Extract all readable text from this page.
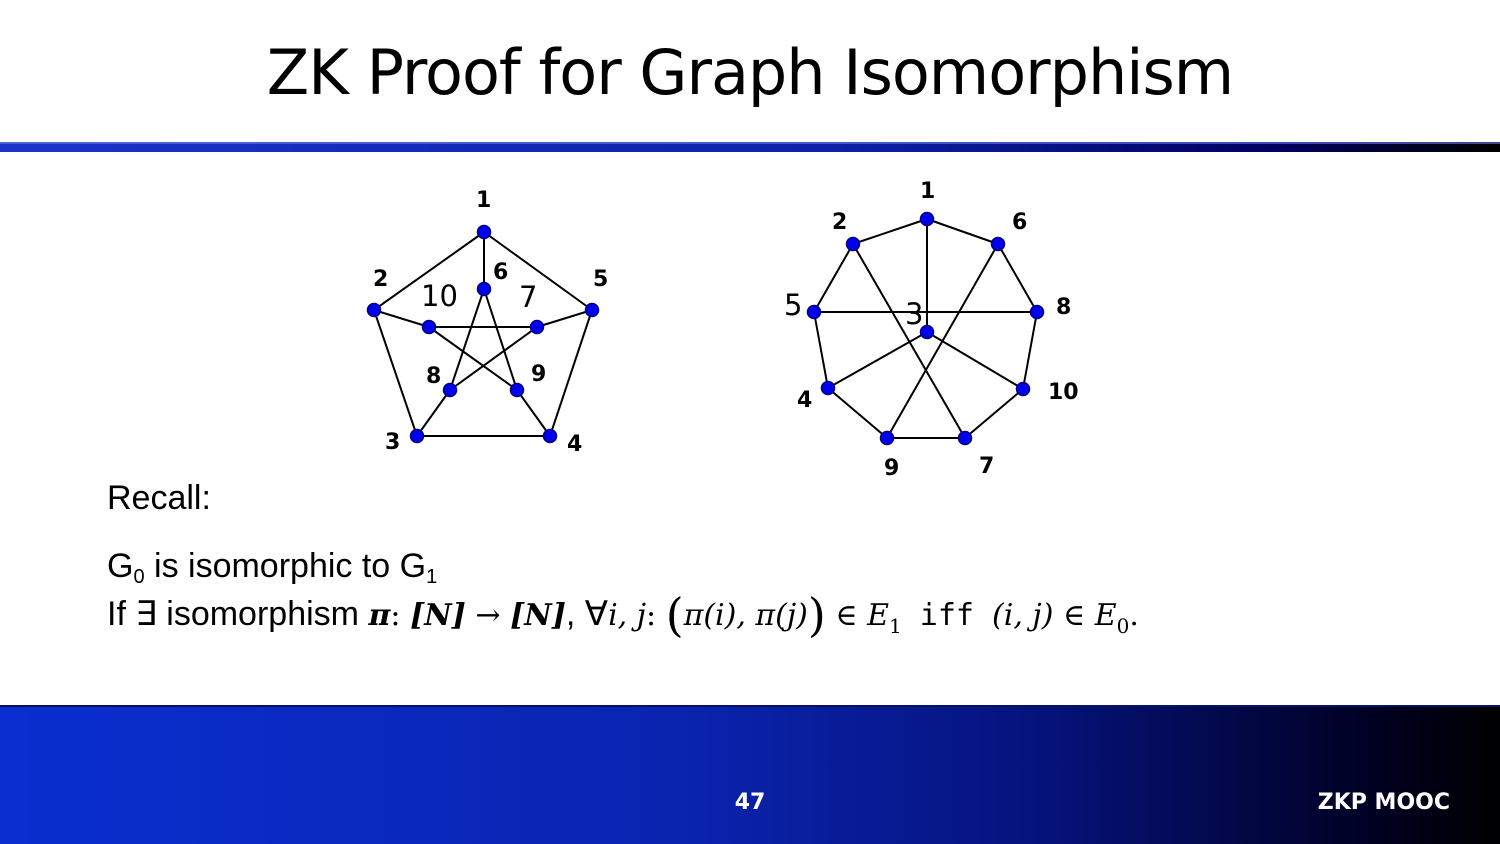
ZK Proof for Graph Isomorphism
1
2
3	4
5
6
7
8	9
10
1
2
3
4
5
6
7
8
9
10
Recall:
$G_0$ is isomorphic to $G_1$
If ∃ isomorphism π: [N] → [N], ∀i, j: (π(i), π(j)) ∈ $E_1$ iff (i, j) ∈ $E_0$.
47	ZKP MOOC
